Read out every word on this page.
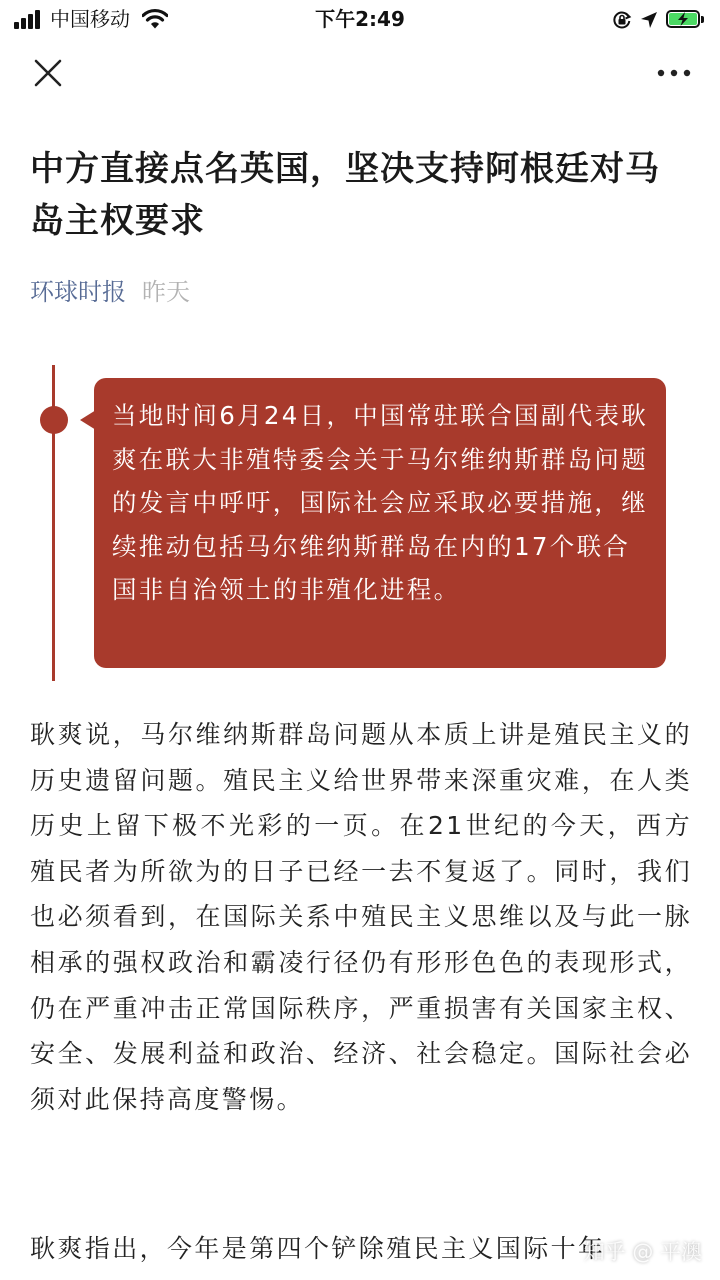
中国移动	下午2:49
中方直接点名英国，坚决支持阿根廷对马岛主权要求
环球时报 昨天

当地时间6月24日，中国常驻联合国副代表耿爽在联大非殖特委会关于马尔维纳斯群岛问题的发言中呼吁，国际社会应采取必要措施，继续推动包括马尔维纳斯群岛在内的17个联合国非自治领土的非殖化进程。

耿爽说，马尔维纳斯群岛问题从本质上讲是殖民主义的历史遗留问题。殖民主义给世界带来深重灾难，在人类历史上留下极不光彩的一页。在21世纪的今天，西方殖民者为所欲为的日子已经一去不复返了。同时，我们也必须看到，在国际关系中殖民主义思维以及与此一脉相承的强权政治和霸凌行径仍有形形色色的表现形式，仍在严重冲击正常国际秩序，严重损害有关国家主权、安全、发展利益和政治、经济、社会稳定。国际社会必须对此保持高度警惕。

耿爽指出，今年是第四个铲除殖民主义国际十年

知乎 @ 平澳
